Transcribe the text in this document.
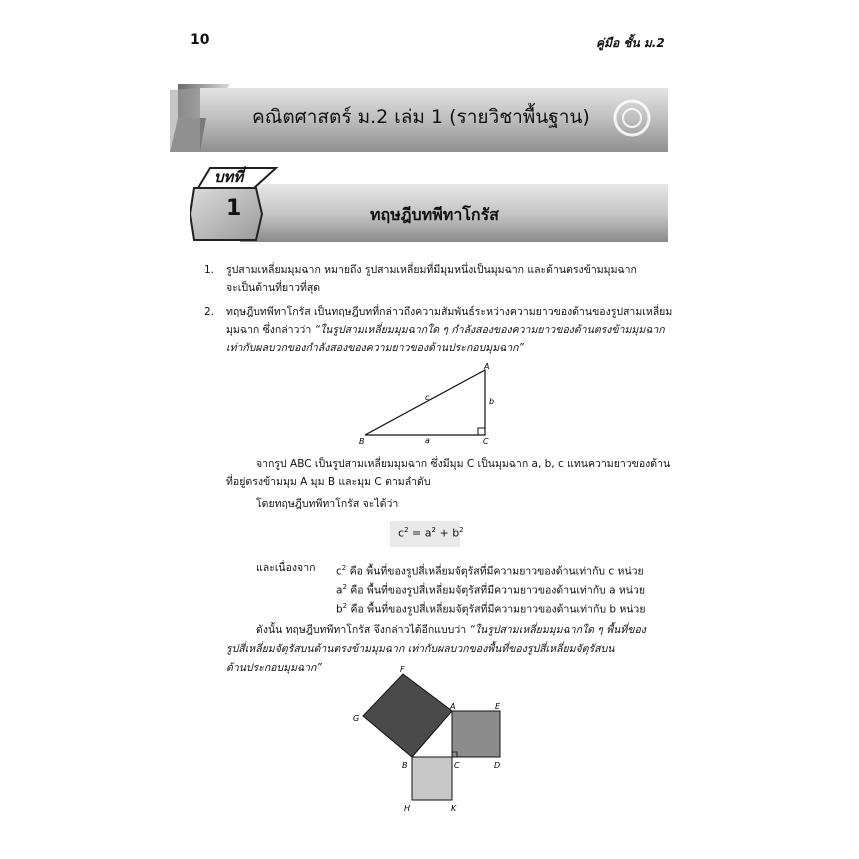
10	คู่มือ ชั้น ม.2
คณิตศาสตร์ ม.2 เล่ม 1 (รายวิชาพื้นฐาน)
บทที่
1	ทฤษฎีบทพีทาโกรัส
1. รูปสามเหลี่ยมมุมฉาก หมายถึง รูปสามเหลี่ยมที่มีมุมหนึ่งเป็นมุมฉาก และด้านตรงข้ามมุมฉาก
จะเป็นด้านที่ยาวที่สุด
2. ทฤษฎีบทพีทาโกรัส เป็นทฤษฎีบทที่กล่าวถึงความสัมพันธ์ระหว่างความยาวของด้านของรูปสามเหลี่ยม
มุมฉาก ซึ่งกล่าวว่า “ในรูปสามเหลี่ยมมุมฉากใด ๆ กำลังสองของความยาวของด้านตรงข้ามมุมฉาก
เท่ากับผลบวกของกำลังสองของความยาวของด้านประกอบมุมฉาก”
A
B	C
a
b
c
จากรูป ABC เป็นรูปสามเหลี่ยมมุมฉาก ซึ่งมีมุม C เป็นมุมฉาก a, b, c แทนความยาวของด้าน
ที่อยู่ตรงข้ามมุม A มุม B และมุม C ตามลำดับ
โดยทฤษฎีบทพีทาโกรัส จะได้ว่า
$c^2 = a^2 + b^2$
และเนื่องจาก $c^2$ คือ พื้นที่ของรูปสี่เหลี่ยมจัตุรัสที่มีความยาวของด้านเท่ากับ c หน่วย
$a^2$ คือ พื้นที่ของรูปสี่เหลี่ยมจัตุรัสที่มีความยาวของด้านเท่ากับ a หน่วย
$b^2$ คือ พื้นที่ของรูปสี่เหลี่ยมจัตุรัสที่มีความยาวของด้านเท่ากับ b หน่วย
ดังนั้น ทฤษฎีบทพีทาโกรัส จึงกล่าวได้อีกแบบว่า “ในรูปสามเหลี่ยมมุมฉากใด ๆ พื้นที่ของ
รูปสี่เหลี่ยมจัตุรัสบนด้านตรงข้ามมุมฉาก เท่ากับผลบวกของพื้นที่ของรูปสี่เหลี่ยมจัตุรัสบน
ด้านประกอบมุมฉาก”	F
G
A	E
B	C	D
H	K
